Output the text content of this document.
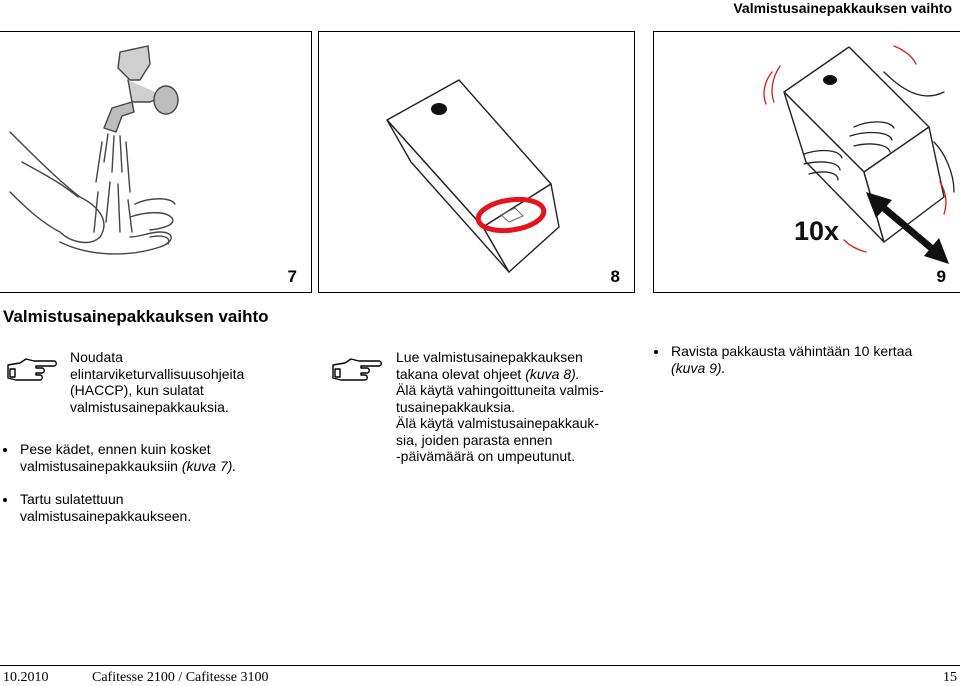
Valmistusainepakkauksen vaihto
7	8
10x
9
Valmistusainepakkauksen vaihto
Noudata
elintarviketurvallisuusohjeita
(HACCP), kun sulatat
valmistusainepakkauksia.
Pese kädet, ennen kuin kosket
valmistusainepakkauksiin (kuva 7).
Tartu sulatettuun
valmistusainepakkaukseen.
Lue valmistusainepakkauksen
takana olevat ohjeet (kuva 8).
Älä käytä vahingoittuneita valmis-
tusainepakkauksia.
Älä käytä valmistusainepakkauk-
sia, joiden parasta ennen
-päivämäärä on umpeutunut.
Ravista pakkausta vähintään 10 kertaa
(kuva 9).
10.2010	Cafitesse 2100 / Cafitesse 3100	15
